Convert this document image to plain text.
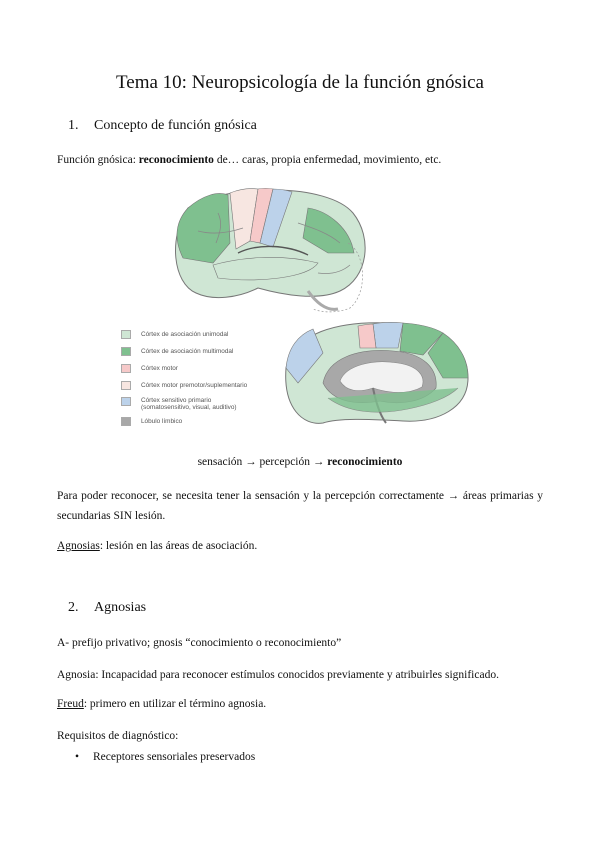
Tema 10: Neuropsicología de la función gnósica
1. Concepto de función gnósica

Función gnósica: reconocimiento de… caras, propia enfermedad, movimiento, etc.

Córtex de asociación unimodal
Córtex de asociación multimodal
Córtex motor
Córtex motor premotor/suplementario
Córtex sensitivo primario
(somatosensitivo, visual, auditivo)
Lóbulo límbico

sensación → percepción → reconocimiento

Para poder reconocer, se necesita tener la sensación y la percepción correctamente → áreas primarias y secundarias SIN lesión.

Agnosias: lesión en las áreas de asociación.

2. Agnosias

A- prefijo privativo; gnosis “conocimiento o reconocimiento”

Agnosia: Incapacidad para reconocer estímulos conocidos previamente y atribuirles significado.

Freud: primero en utilizar el término agnosia.

Requisitos de diagnóstico:

• Receptores sensoriales preservados
